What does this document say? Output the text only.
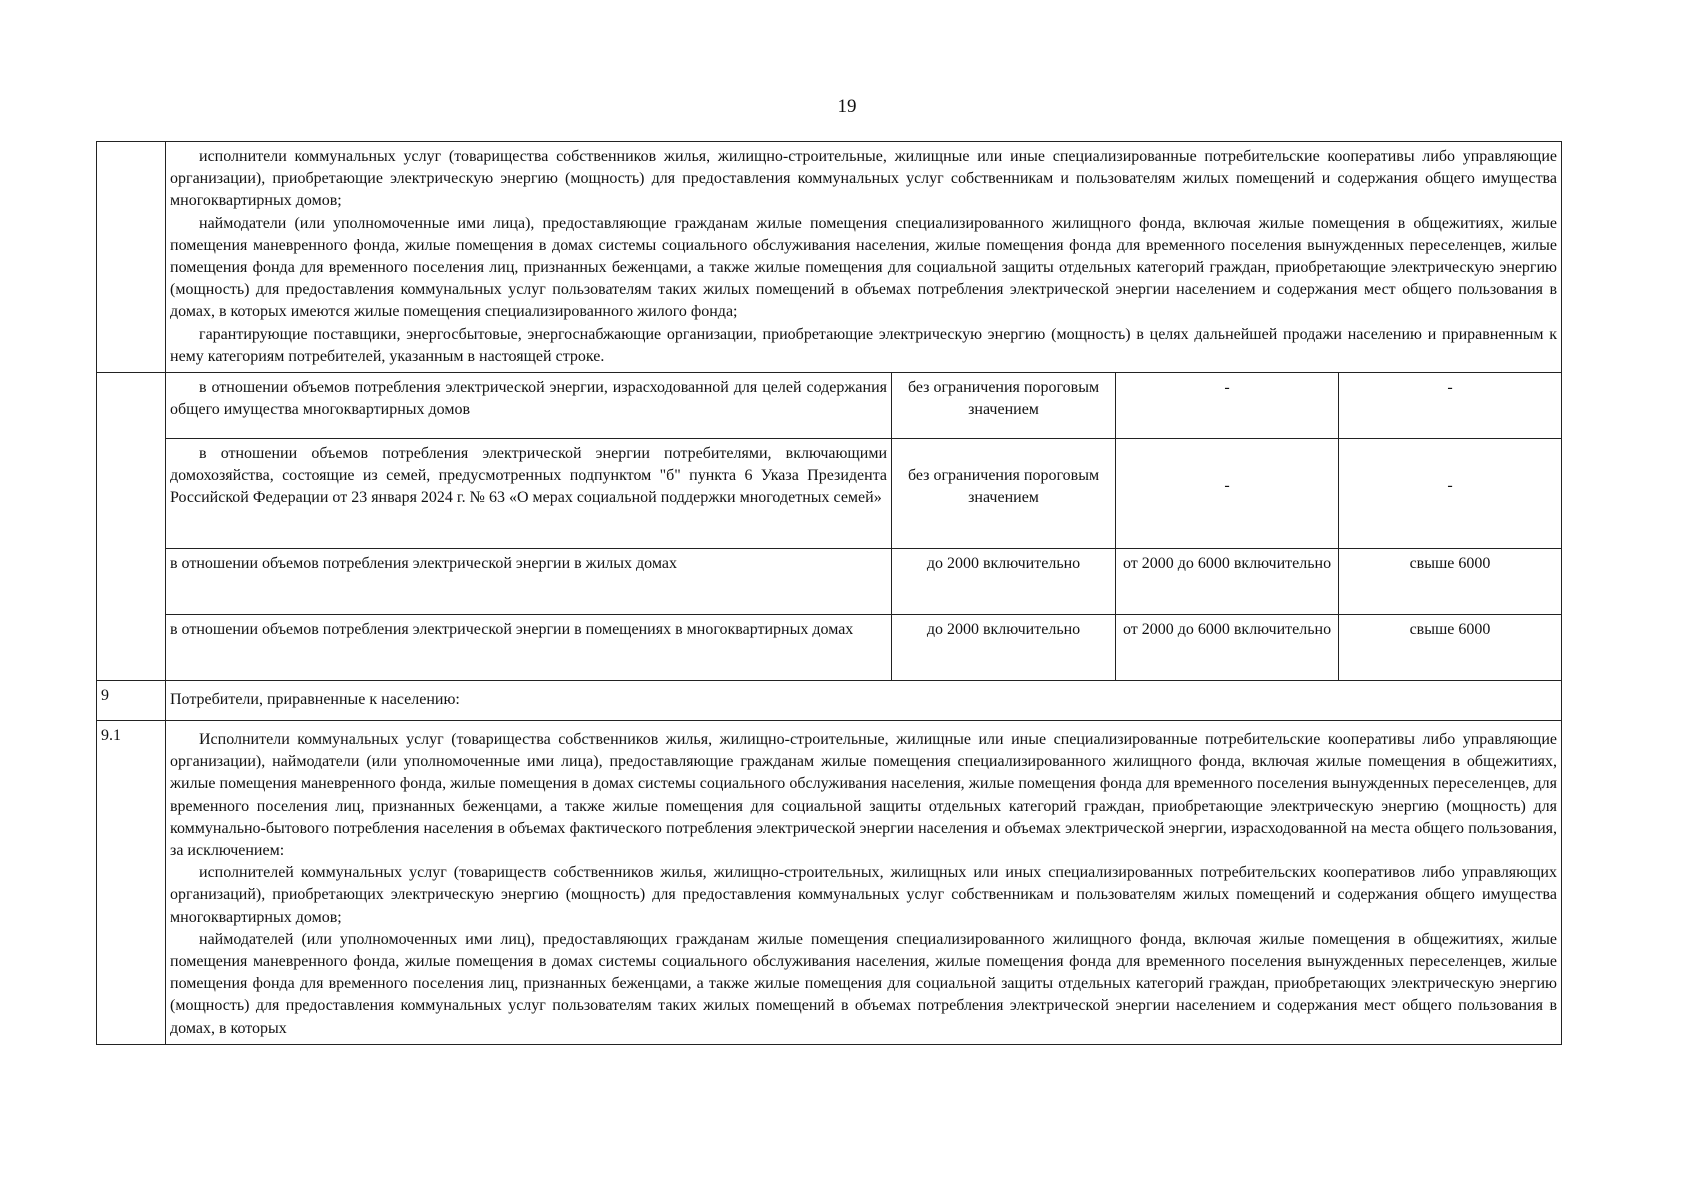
19

	исполнители коммунальных услуг (товарищества собственников жилья, жилищно-строительные, жилищные или иные специализированные потребительские кооперативы либо управляющие организации), приобретающие электрическую энергию (мощность) для предоставления коммунальных услуг собственникам и пользователям жилых помещений и содержания общего имущества многоквартирных домов;

наймодатели (или уполномоченные ими лица), предоставляющие гражданам жилые помещения специализированного жилищного фонда, включая жилые помещения в общежитиях, жилые помещения маневренного фонда, жилые помещения в домах системы социального обслуживания населения, жилые помещения фонда для временного поселения вынужденных переселенцев, жилые помещения фонда для временного поселения лиц, признанных беженцами, а также жилые помещения для социальной защиты отдельных категорий граждан, приобретающие электрическую энергию (мощность) для предоставления коммунальных услуг пользователям таких жилых помещений в объемах потребления электрической энергии населением и содержания мест общего пользования в домах, в которых имеются жилые помещения специализированного жилого фонда;

гарантирующие поставщики, энергосбытовые, энергоснабжающие организации, приобретающие электрическую энергию (мощность) в целях дальнейшей продажи населению и приравненным к нему категориям потребителей, указанным в настоящей строке.			

	в отношении объемов потребления электрической энергии, израсходованной для целей содержания общего имущества многоквартирных домов	без ограничения пороговым значением	-	-
	в отношении объемов потребления электрической энергии потребителями, включающими домохозяйства, состоящие из семей, предусмотренных подпунктом "б" пункта 6 Указа Президента Российской Федерации от 23 января 2024 г. № 63 «О мерах социальной поддержки многодетных семей»	без ограничения пороговым значением	-	-
	в отношении объемов потребления электрической энергии в жилых домах	до 2000 включительно	от 2000 до 6000 включительно	свыше 6000
	в отношении объемов потребления электрической энергии в помещениях в многоквартирных домах	до 2000 включительно	от 2000 до 6000 включительно	свыше 6000
9	Потребители, приравненные к населению:			
9.1	Исполнители коммунальных услуг (товарищества собственников жилья, жилищно-строительные, жилищные или иные специализированные потребительские кооперативы либо управляющие организации), наймодатели (или уполномоченные ими лица), предоставляющие гражданам жилые помещения специализированного жилищного фонда, включая жилые помещения в общежитиях, жилые помещения маневренного фонда, жилые помещения в домах системы социального обслуживания населения, жилые помещения фонда для временного поселения вынужденных переселенцев, для временного поселения лиц, признанных беженцами, а также жилые помещения для социальной защиты отдельных категорий граждан, приобретающие электрическую энергию (мощность) для коммунально-бытового потребления населения в объемах фактического потребления электрической энергии населения и объемах электрической энергии, израсходованной на места общего пользования, за исключением:

исполнителей коммунальных услуг (товариществ собственников жилья, жилищно-строительных, жилищных или иных специализированных потребительских кооперативов либо управляющих организаций), приобретающих электрическую энергию (мощность) для предоставления коммунальных услуг собственникам и пользователям жилых помещений и содержания общего имущества многоквартирных домов;

наймодателей (или уполномоченных ими лиц), предоставляющих гражданам жилые помещения специализированного жилищного фонда, включая жилые помещения в общежитиях, жилые помещения маневренного фонда, жилые помещения в домах системы социального обслуживания населения, жилые помещения фонда для временного поселения вынужденных переселенцев, жилые помещения фонда для временного поселения лиц, признанных беженцами, а также жилые помещения для социальной защиты отдельных категорий граждан, приобретающих электрическую энергию (мощность) для предоставления коммунальных услуг пользователям таких жилых помещений в объемах потребления электрической энергии населением и содержания мест общего пользования в домах, в которых			
